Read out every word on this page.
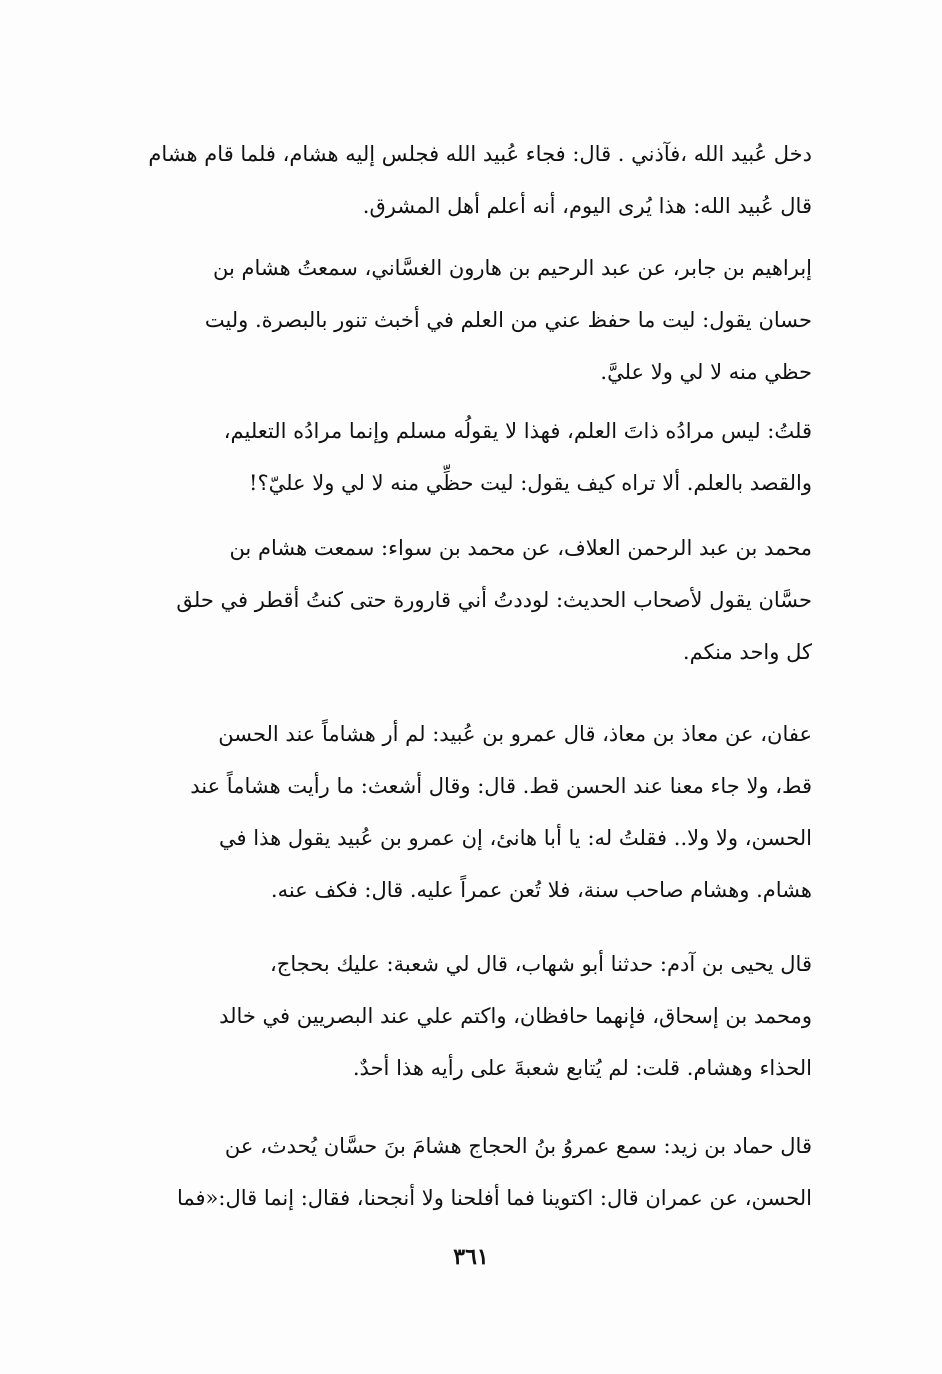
دخل عُبيد الله ،فآذني . قال: فجاء عُبيد الله فجلس إليه هشام، فلما قام هشام
قال عُبيد الله: هذا يُرى اليوم، أنه أعلم أهل المشرق.
إبراهيم بن جابر، عن عبد الرحيم بن هارون الغسَّاني، سمعتُ هشام بن
حسان يقول: ليت ما حفظ عني من العلم في أخبث تنور بالبصرة. وليت
حظي منه لا لي ولا عليَّ.
قلتُ: ليس مرادُه ذاتَ العلم، فهذا لا يقولُه مسلم وإنما مرادُه التعليم،
والقصد بالعلم. ألا تراه كيف يقول: ليت حظِّي منه لا لي ولا عليّ؟!
محمد بن عبد الرحمن العلاف، عن محمد بن سواء: سمعت هشام بن
حسَّان يقول لأصحاب الحديث: لوددتُ أني قارورة حتى كنتُ أقطر في حلق
كل واحد منكم.
عفان، عن معاذ بن معاذ، قال عمرو بن عُبيد: لم أر هشاماً عند الحسن
قط، ولا جاء معنا عند الحسن قط. قال: وقال أشعث: ما رأيت هشاماً عند
الحسن، ولا ولا.. فقلتُ له: يا أبا هانئ، إن عمرو بن عُبيد يقول هذا في
هشام. وهشام صاحب سنة، فلا تُعن عمراً عليه. قال: فكف عنه.
قال يحيى بن آدم: حدثنا أبو شهاب، قال لي شعبة: عليك بحجاج،
ومحمد بن إسحاق، فإنهما حافظان، واكتم علي عند البصريين في خالد
الحذاء وهشام. قلت: لم يُتابع شعبةَ على رأيه هذا أحدٌ.
قال حماد بن زيد: سمع عمروُ بنُ الحجاج هشامَ بنَ حسَّان يُحدث، عن
الحسن، عن عمران قال: اكتوينا فما أفلحنا ولا أنجحنا، فقال: إنما قال:«فما
٣٦١
